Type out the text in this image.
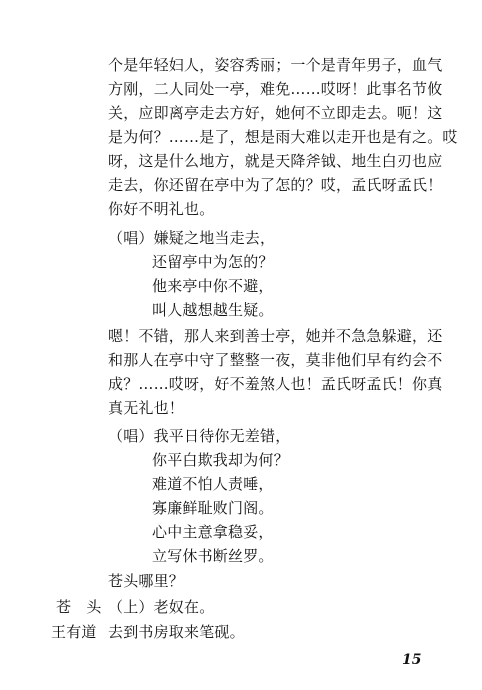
个是年轻妇人，姿容秀丽；一个是青年男子，血气
方刚，二人同处一亭，难免……哎呀！此事名节攸
关，应即离亭走去方好，她何不立即走去。呃！这
是为何？……是了，想是雨大难以走开也是有之。哎
呀，这是什么地方，就是天降斧钺、地生白刃也应
走去，你还留在亭中为了怎的？哎，孟氏呀孟氏！
你好不明礼也。
（唱）嫌疑之地当走去，
还留亭中为怎的？
他来亭中你不避，
叫人越想越生疑。
嗯！不错，那人来到善士亭，她并不急急躲避，还
和那人在亭中守了整整一夜，莫非他们早有约会不
成？……哎呀，好不羞煞人也！孟氏呀孟氏！你真
真无礼也！
（唱）我平日待你无差错，
你平白欺我却为何？
难道不怕人责唾，
寡廉鲜耻败门阁。
心中主意拿稳妥，
立写休书断丝罗。
苍头哪里？
苍　头 （上）老奴在。
王有道 去到书房取来笔砚。
15
